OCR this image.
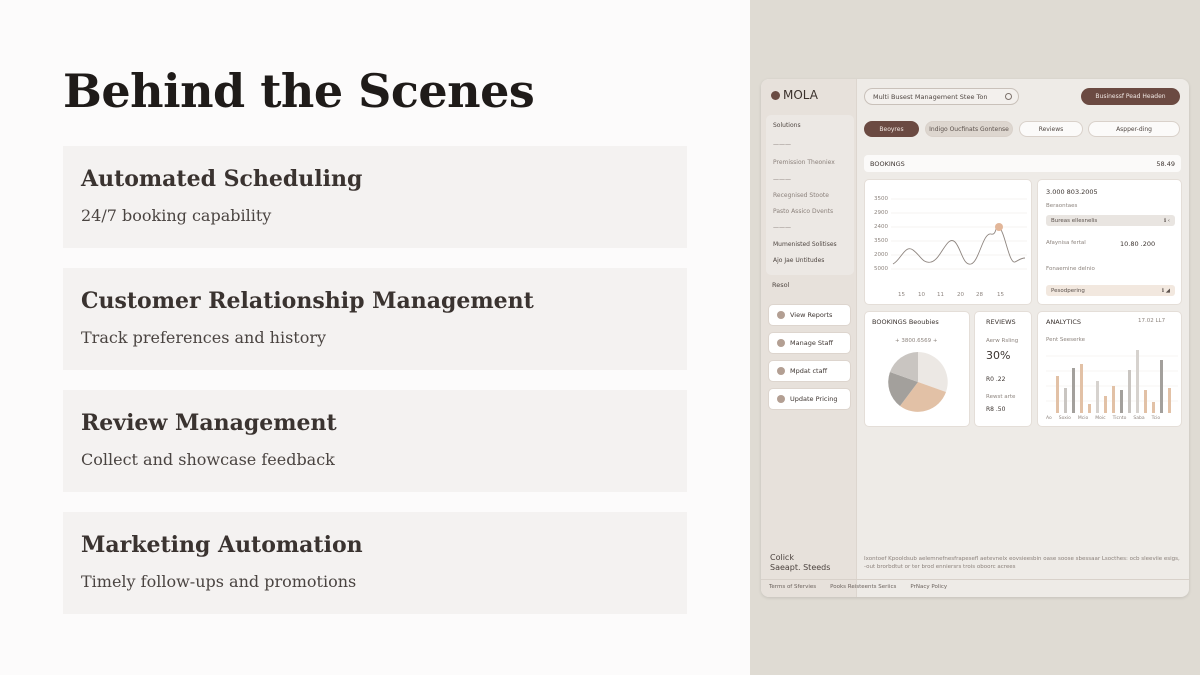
Behind the Scenes
Automated Scheduling
24/7 booking capability
Customer Relationship Management
Track preferences and history
Review Management
Collect and showcase feedback
Marketing Automation
Timely follow-ups and promotions
MOLA
Solutions
———
Premission Theoniex
———
Recegnised Stoote
Pasto Assico Dvents
———
Mumenisted Solitises
Ajo Jae Untitudes
Resol
View Reports
Manage Staff
Mpdat ctaff
Update Pricing
Colick
Saeapt. Steeds
Multi Busest Management Stee Ton	Businessf Pead Headen
Beoyres	Indigo Oucfinats Gontense	Reviews	Aspper-ding
BOOKINGS	58.49
3500
2900
2400
3500
2000
5000
15 10 11 20 28	15
3.000 803.2005
Beraontaes
Bureas ellesnelis	ℹ ‹
Afaynisa fertal	10.80 .200
Fonaemine delnio
Pesodpering	ℹ ◢
BOOKINGS Beoubies
+ 3800.6569 +
REVIEWS
Aerw Rsling
30%
R0 .22
Rewst arte
R8 .50
ANALYTICS	17.02 LL7
Pent Seeserke
Ao Soxio Mcio Moic Ticnto Saba Tcio
Ixontoef Kpooldsub aelemnefnesfrapesefl aetevnelx eovsieesbin oase soose sbessaar Lsocthes: ocb sleeviie esigs, -out brorbdtut or ter brod enniersrs trois oboorc acrees
Terms of Sfervies	Pooks Reisteents Seriics	PrNacy Policy
